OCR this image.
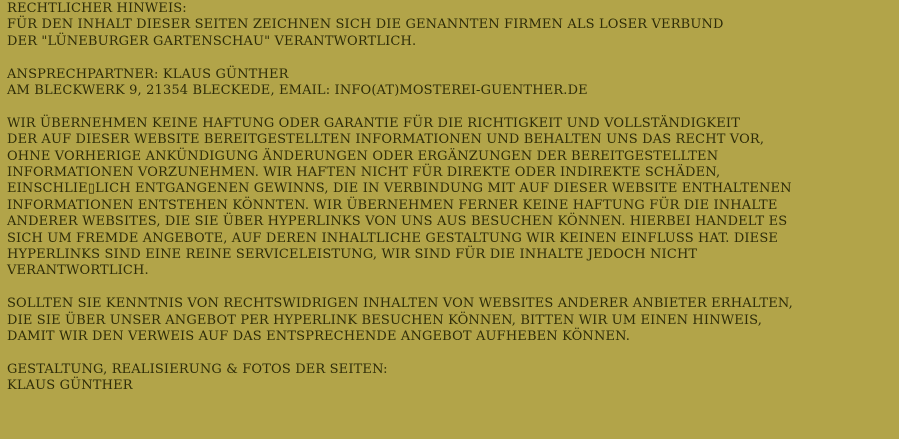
RECHTLICHER HINWEIS:
FÜR DEN INHALT DIESER SEITEN ZEICHNEN SICH DIE GENANNTEN FIRMEN ALS LOSER VERBUND
DER "LÜNEBURGER GARTENSCHAU" VERANTWORTLICH.
ANSPRECHPARTNER: KLAUS GÜNTHER
AM BLECKWERK 9, 21354 BLECKEDE, EMAIL: INFO(AT)MOSTEREI-GUENTHER.DE
WIR ÜBERNEHMEN KEINE HAFTUNG ODER GARANTIE FÜR DIE RICHTIGKEIT UND VOLLSTÄNDIGKEIT
DER AUF DIESER WEBSITE BEREITGESTELLTEN INFORMATIONEN UND BEHALTEN UNS DAS RECHT VOR,
OHNE VORHERIGE ANKÜNDIGUNG ÄNDERUNGEN ODER ERGÄNZUNGEN DER BEREITGESTELLTEN
INFORMATIONEN VORZUNEHMEN. WIR HAFTEN NICHT FÜR DIREKTE ODER INDIREKTE SCHÄDEN,
EINSCHLIE▯LICH ENTGANGENEN GEWINNS, DIE IN VERBINDUNG MIT AUF DIESER WEBSITE ENTHALTENEN
INFORMATIONEN ENTSTEHEN KÖNNTEN. WIR ÜBERNEHMEN FERNER KEINE HAFTUNG FÜR DIE INHALTE
ANDERER WEBSITES, DIE SIE ÜBER HYPERLINKS VON UNS AUS BESUCHEN KÖNNEN. HIERBEI HANDELT ES
SICH UM FREMDE ANGEBOTE, AUF DEREN INHALTLICHE GESTALTUNG WIR KEINEN EINFLUSS HAT. DIESE
HYPERLINKS SIND EINE REINE SERVICELEISTUNG, WIR SIND FÜR DIE INHALTE JEDOCH NICHT
VERANTWORTLICH.
SOLLTEN SIE KENNTNIS VON RECHTSWIDRIGEN INHALTEN VON WEBSITES ANDERER ANBIETER ERHALTEN,
DIE SIE ÜBER UNSER ANGEBOT PER HYPERLINK BESUCHEN KÖNNEN, BITTEN WIR UM EINEN HINWEIS,
DAMIT WIR DEN VERWEIS AUF DAS ENTSPRECHENDE ANGEBOT AUFHEBEN KÖNNEN.
GESTALTUNG, REALISIERUNG & FOTOS DER SEITEN:
KLAUS GÜNTHER
